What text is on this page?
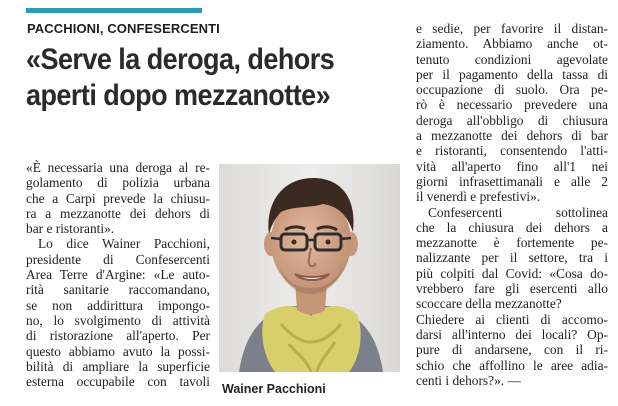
PACCHIONI, CONFESERCENTI
«Serve la deroga, dehors
aperti dopo mezzanotte»
«È necessaria una deroga al re-
golamento di polizia urbana
che a Carpi prevede la chiusu-
ra a mezzanotte dei dehors di
bar e ristoranti».
Lo dice Wainer Pacchioni,
presidente di Confesercenti
Area Terre d'Argine: «Le auto-
rità sanitarie raccomandano,
se non addirittura impongo-
no, lo svolgimento di attività
di ristorazione all'aperto. Per
questo abbiamo avuto la possi-
bilità di ampliare la superficie
esterna occupabile con tavoli Wainer Pacchioni
e sedie, per favorire il distan-
ziamento. Abbiamo anche ot-
tenuto condizioni agevolate
per il pagamento della tassa di
occupazione di suolo. Ora pe-
rò è necessario prevedere una
deroga all'obbligo di chiusura
a mezzanotte dei dehors di bar
e ristoranti, consentendo l'atti-
vità all'aperto fino all'1 nei
giorni infrasettimanali e alle 2
il venerdì e prefestivi».
Confesercenti sottolinea
che la chiusura dei dehors a
mezzanotte è fortemente pe-
nalizzante per il settore, tra i
più colpiti dal Covid: «Cosa do-
vrebbero fare gli esercenti allo
scoccare della mezzanotte?
Chiedere ai clienti di accomo-
darsi all'interno dei locali? Op-
pure di andarsene, con il ri-
schio che affollino le aree adia-
centi i dehors?». —
